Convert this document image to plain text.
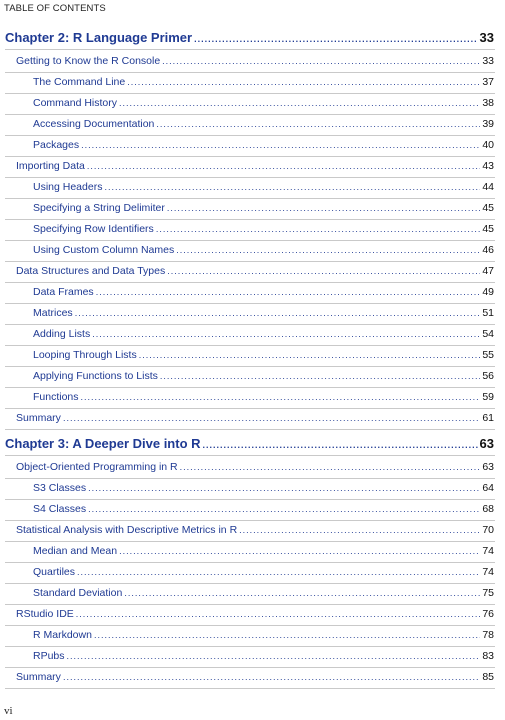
TABLE OF CONTENTS
Chapter 2: R Language Primer .....	33
Getting to Know the R Console .....	33
The Command Line .....	37
Command History .....	38
Accessing Documentation .....	39
Packages .....	40
Importing Data .....	43
Using Headers .....	44
Specifying a String Delimiter .....	45
Specifying Row Identifiers .....	45
Using Custom Column Names .....	46
Data Structures and Data Types .....	47
Data Frames .....	49
Matrices .....	51
Adding Lists .....	54
Looping Through Lists .....	55
Applying Functions to Lists .....	56
Functions .....	59
Summary .....	61
Chapter 3: A Deeper Dive into R .....	63
Object-Oriented Programming in R .....	63
S3 Classes .....	64
S4 Classes .....	68
Statistical Analysis with Descriptive Metrics in R .....	70
Median and Mean .....	74
Quartiles .....	74
Standard Deviation .....	75
RStudio IDE .....	76
R Markdown .....	78
RPubs .....	83
Summary .....	85
vi
